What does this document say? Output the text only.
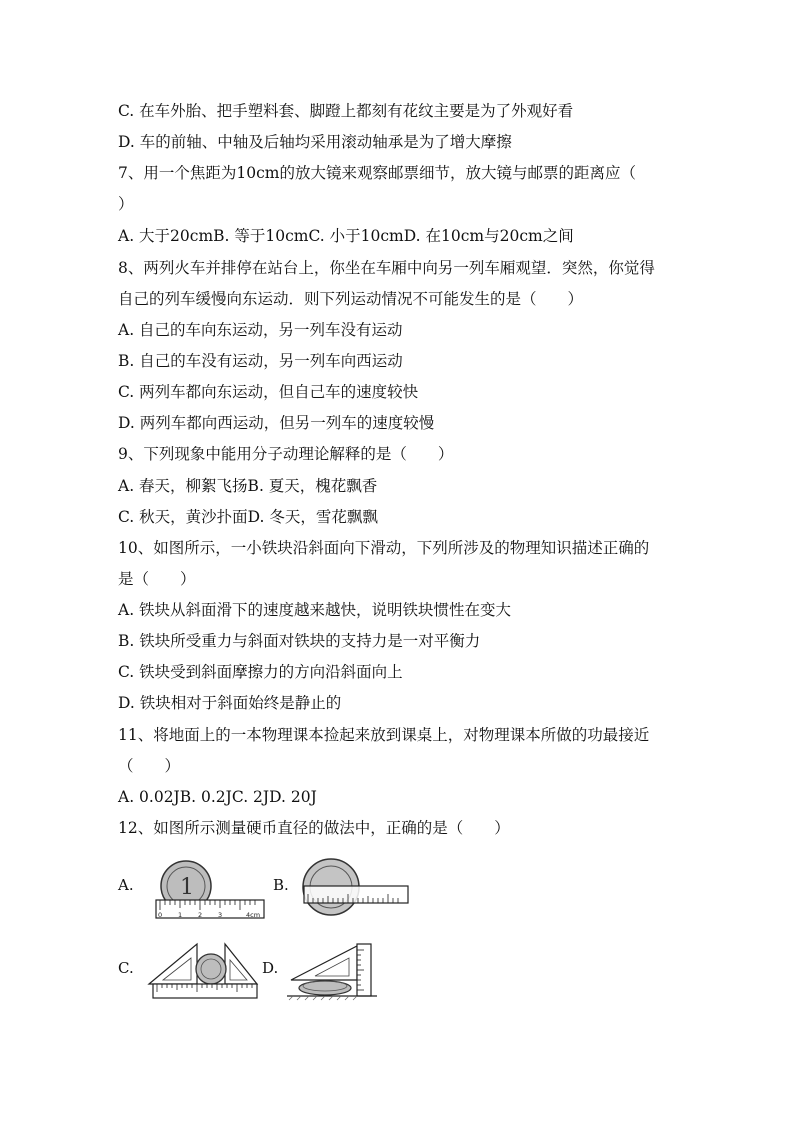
C. 在车外胎、把手塑料套、脚蹬上都刻有花纹主要是为了外观好看
D. 车的前轴、中轴及后轴均采用滚动轴承是为了增大摩擦
7、用一个焦距为10cm的放大镜来观察邮票细节，放大镜与邮票的距离应（
）
A. 大于20cmB. 等于10cmC. 小于10cmD. 在10cm与20cm之间
8、两列火车并排停在站台上，你坐在车厢中向另一列车厢观望．突然，你觉得
自己的列车缓慢向东运动．则下列运动情况不可能发生的是（　　）
A. 自己的车向东运动，另一列车没有运动
B. 自己的车没有运动，另一列车向西运动
C. 两列车都向东运动，但自己车的速度较快
D. 两列车都向西运动，但另一列车的速度较慢
9、下列现象中能用分子动理论解释的是（　　）
A. 春天，柳絮飞扬B. 夏天，槐花飘香
C. 秋天，黄沙扑面D. 冬天，雪花飘飘
10、如图所示，一小铁块沿斜面向下滑动，下列所涉及的物理知识描述正确的
是（　　）
A. 铁块从斜面滑下的速度越来越快，说明铁块惯性在变大
B. 铁块所受重力与斜面对铁块的支持力是一对平衡力
C. 铁块受到斜面摩擦力的方向沿斜面向上
D. 铁块相对于斜面始终是静止的
11、将地面上的一本物理课本捡起来放到课桌上，对物理课本所做的功最接近
（　　）
A. 0.02JB. 0.2JC. 2JD. 20J
12、如图所示测量硬币直径的做法中，正确的是（　　）
A.	B.
C.	D.
1
0 1 2 3	4cm
